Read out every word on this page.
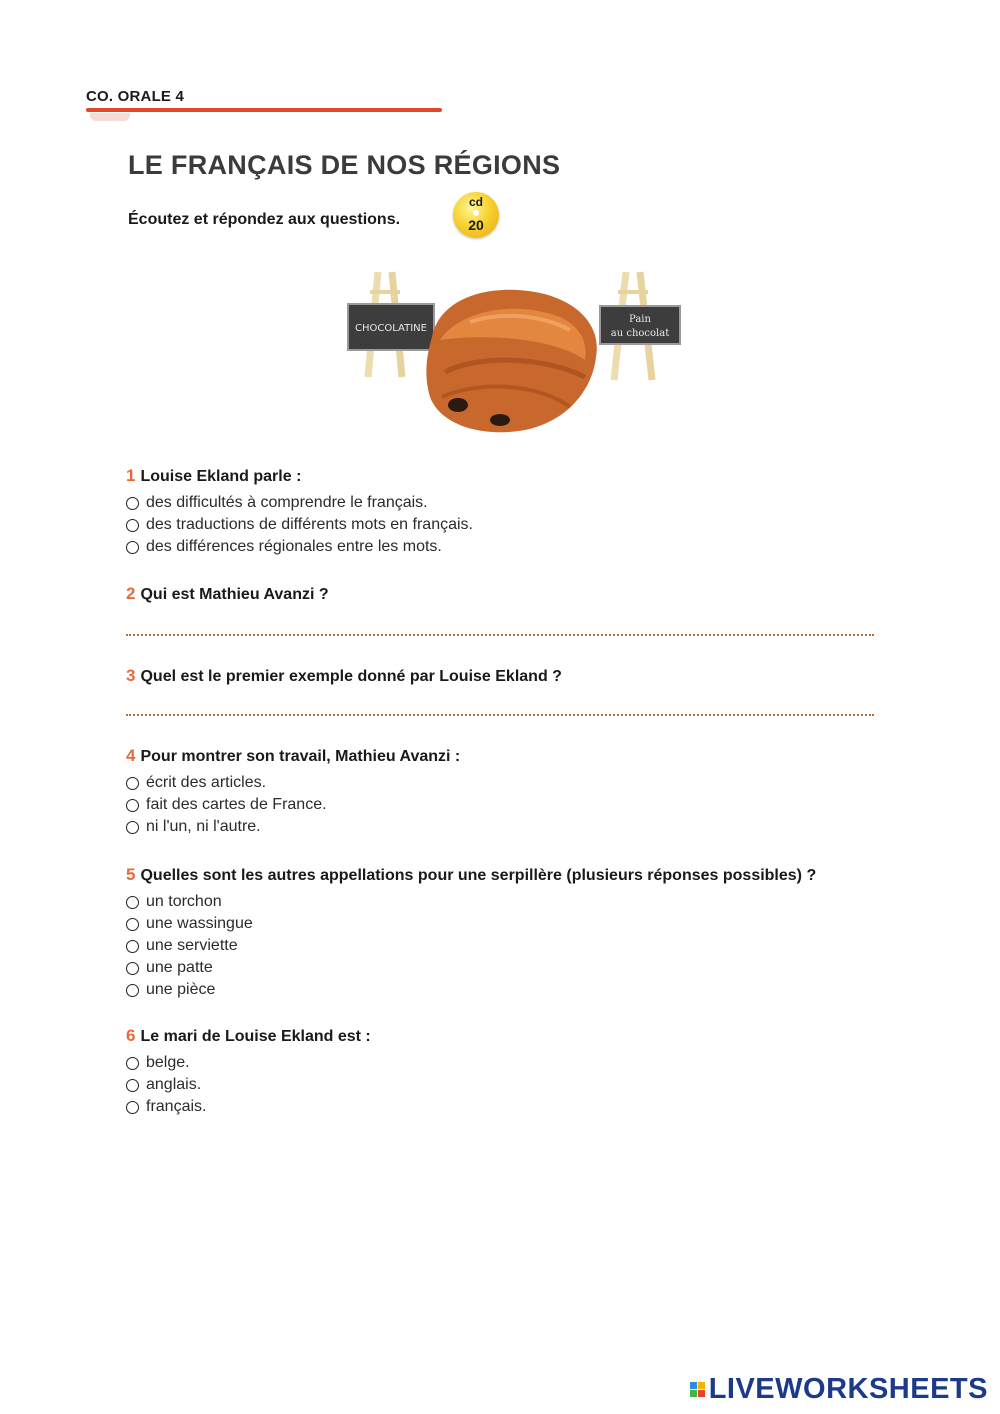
CO. ORALE 4
LE FRANÇAIS DE NOS RÉGIONS
Écoutez et répondez aux questions.
cd
20
CHOCOLATINE
Pain
au chocolat
1 Louise Ekland parle :
des difficultés à comprendre le français.
des traductions de différents mots en français.
des différences régionales entre les mots.
2 Qui est Mathieu Avanzi ?
3 Quel est le premier exemple donné par Louise Ekland ?
4 Pour montrer son travail, Mathieu Avanzi :
écrit des articles.
fait des cartes de France.
ni l'un, ni l'autre.
5 Quelles sont les autres appellations pour une serpillère (plusieurs réponses possibles) ?
un torchon
une wassingue
une serviette
une patte
une pièce
6 Le mari de Louise Ekland est :
belge.
anglais.
français.
LIVEWORKSHEETS
